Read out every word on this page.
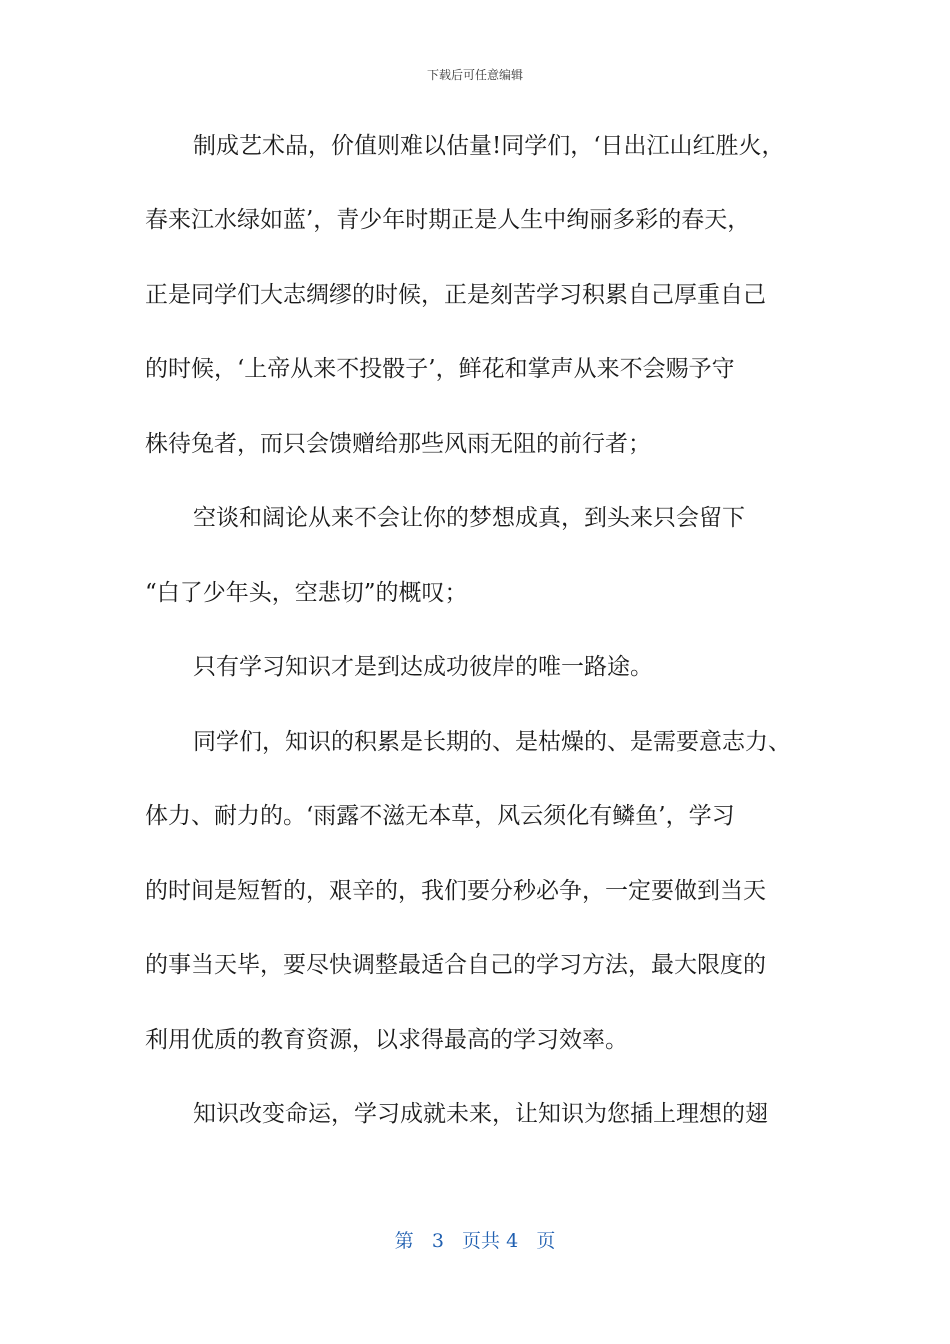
下载后可任意编辑

制成艺术品，价值则难以估量!同学们，‘日出江山红胜火，

春来江水绿如蓝’，青少年时期正是人生中绚丽多彩的春天，

正是同学们大志绸缪的时候，正是刻苦学习积累自己厚重自己

的时候，‘上帝从来不投骰子’，鲜花和掌声从来不会赐予守

株待兔者，而只会馈赠给那些风雨无阻的前行者；

空谈和阔论从来不会让你的梦想成真，到头来只会留下

“白了少年头，空悲切”的概叹；

只有学习知识才是到达成功彼岸的唯一路途。

同学们，知识的积累是长期的、是枯燥的、是需要意志力、

体力、耐力的。‘雨露不滋无本草，风云须化有鳞鱼’，学习

的时间是短暂的，艰辛的，我们要分秒必争，一定要做到当天

的事当天毕，要尽快调整最适合自己的学习方法，最大限度的

利用优质的教育资源，以求得最高的学习效率。

知识改变命运，学习成就未来，让知识为您插上理想的翅

第 3 页共 4 页
